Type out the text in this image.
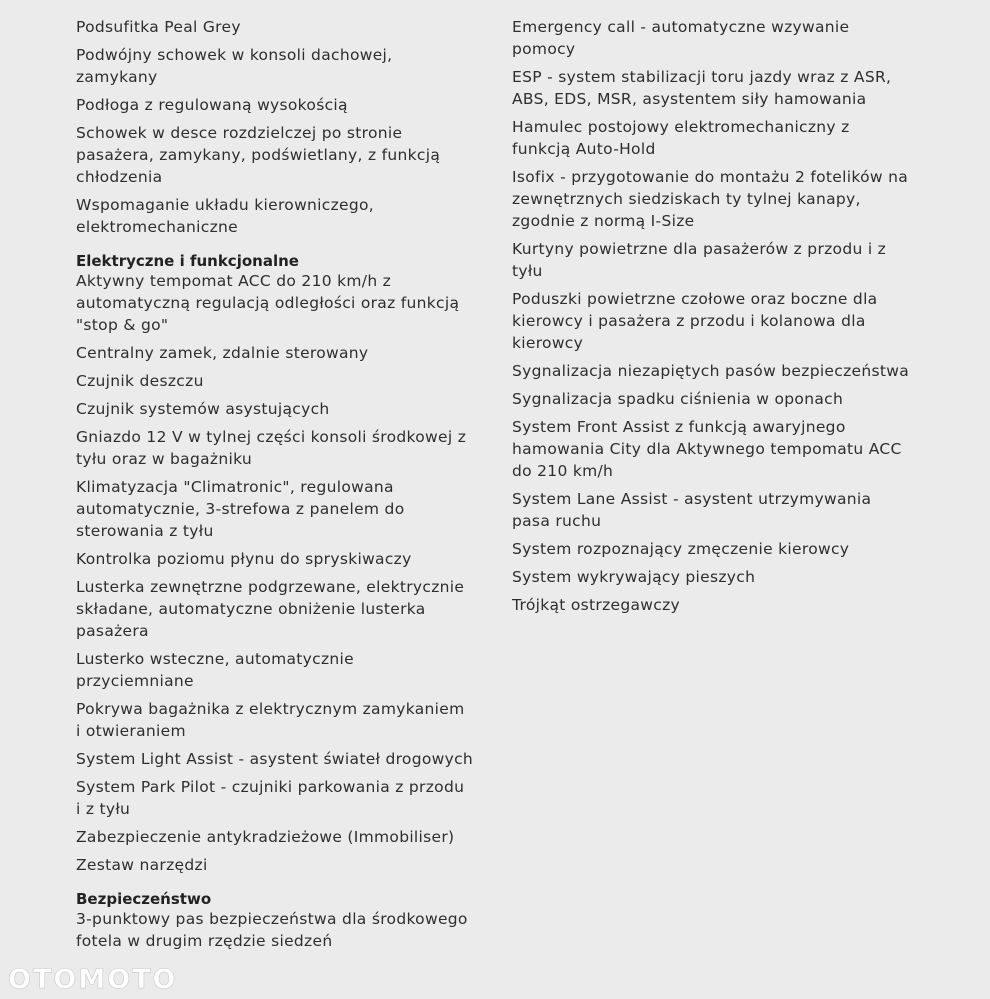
Podsufitka Peal Grey
Podwójny schowek w konsoli dachowej, zamykany
Podłoga z regulowaną wysokością
Schowek w desce rozdzielczej po stronie pasażera, zamykany, podświetlany, z funkcją chłodzenia
Wspomaganie układu kierowniczego, elektromechaniczne
Elektryczne i funkcjonalne
Aktywny tempomat ACC do 210 km/h z automatyczną regulacją odległości oraz funkcją "stop & go"
Centralny zamek, zdalnie sterowany
Czujnik deszczu
Czujnik systemów asystujących
Gniazdo 12 V w tylnej części konsoli środkowej z tyłu oraz w bagażniku
Klimatyzacja "Climatronic", regulowana automatycznie, 3-strefowa z panelem do sterowania z tyłu
Kontrolka poziomu płynu do spryskiwaczy
Lusterka zewnętrzne podgrzewane, elektrycznie składane, automatyczne obniżenie lusterka pasażera
Lusterko wsteczne, automatycznie przyciemniane
Pokrywa bagażnika z elektrycznym zamykaniem i otwieraniem
System Light Assist - asystent świateł drogowych
System Park Pilot - czujniki parkowania z przodu i z tyłu
Zabezpieczenie antykradzieżowe (Immobiliser)
Zestaw narzędzi
Bezpieczeństwo
3-punktowy pas bezpieczeństwa dla środkowego fotela w drugim rzędzie siedzeń
Emergency call - automatyczne wzywanie pomocy
ESP - system stabilizacji toru jazdy wraz z ASR, ABS, EDS, MSR, asystentem siły hamowania
Hamulec postojowy elektromechaniczny z funkcją Auto-Hold
Isofix - przygotowanie do montażu 2 fotelików na zewnętrznych siedziskach ty tylnej kanapy, zgodnie z normą I-Size
Kurtyny powietrzne dla pasażerów z przodu i z tyłu
Poduszki powietrzne czołowe oraz boczne dla kierowcy i pasażera z przodu i kolanowa dla kierowcy
Sygnalizacja niezapiętych pasów bezpieczeństwa
Sygnalizacja spadku ciśnienia w oponach
System Front Assist z funkcją awaryjnego hamowania City dla Aktywnego tempomatu ACC do 210 km/h
System Lane Assist - asystent utrzymywania pasa ruchu
System rozpoznający zmęczenie kierowcy
System wykrywający pieszych
Trójkąt ostrzegawczy
OTOMOTO
